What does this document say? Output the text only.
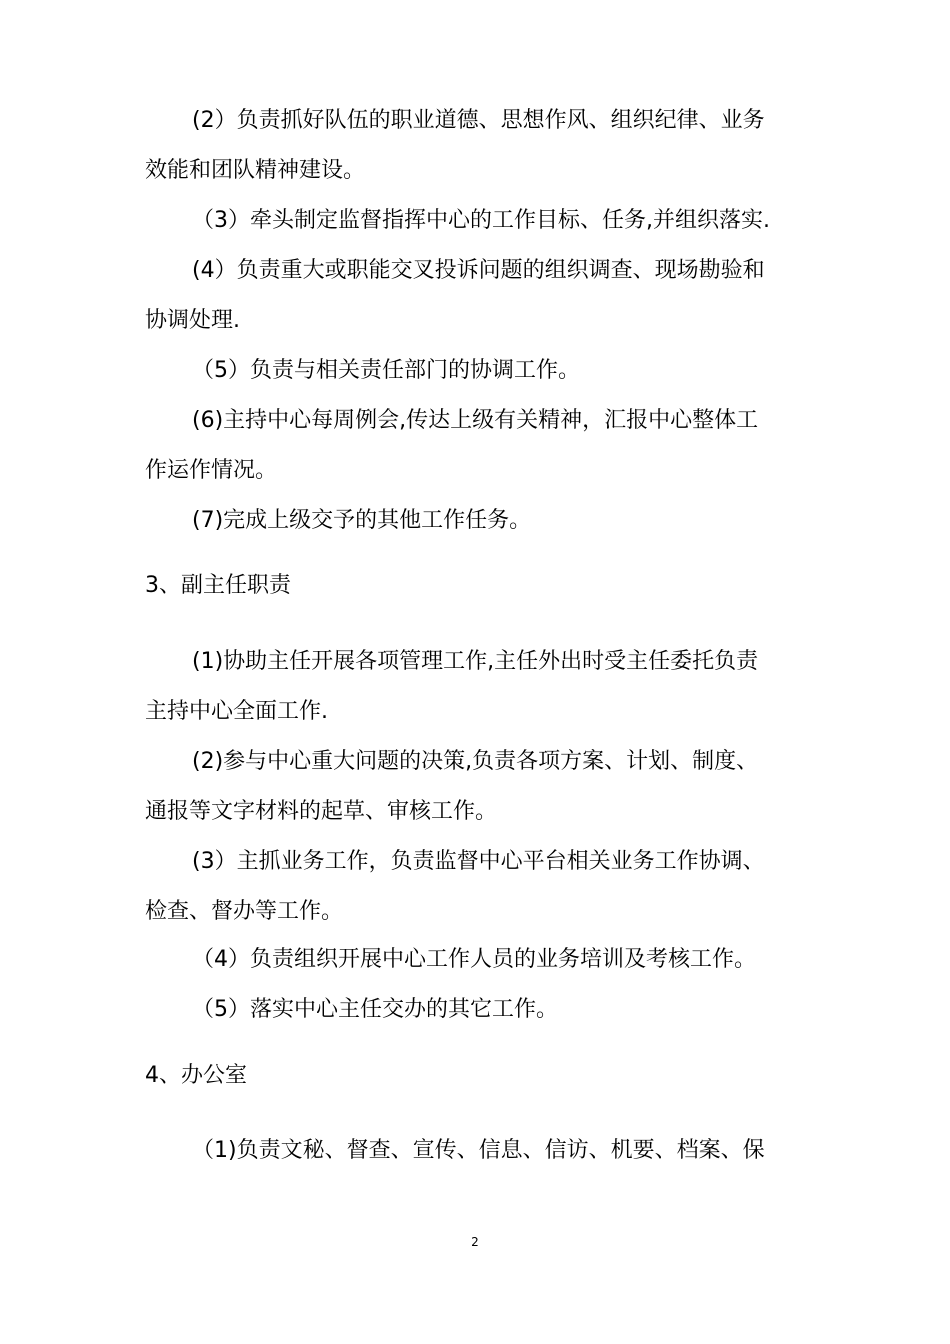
(2）负责抓好队伍的职业道德、思想作风、组织纪律、业务
效能和团队精神建设。
（3）牵头制定监督指挥中心的工作目标、任务,并组织落实.
(4）负责重大或职能交叉投诉问题的组织调查、现场勘验和
协调处理.
（5）负责与相关责任部门的协调工作。
(6)主持中心每周例会,传达上级有关精神，汇报中心整体工
作运作情况。
(7)完成上级交予的其他工作任务。
3、副主任职责
(1)协助主任开展各项管理工作,主任外出时受主任委托负责
主持中心全面工作.
(2)参与中心重大问题的决策,负责各项方案、计划、制度、
通报等文字材料的起草、审核工作。
(3）主抓业务工作，负责监督中心平台相关业务工作协调、
检查、督办等工作。
（4）负责组织开展中心工作人员的业务培训及考核工作。
（5）落实中心主任交办的其它工作。
4、办公室
（1)负责文秘、督查、宣传、信息、信访、机要、档案、保
2
